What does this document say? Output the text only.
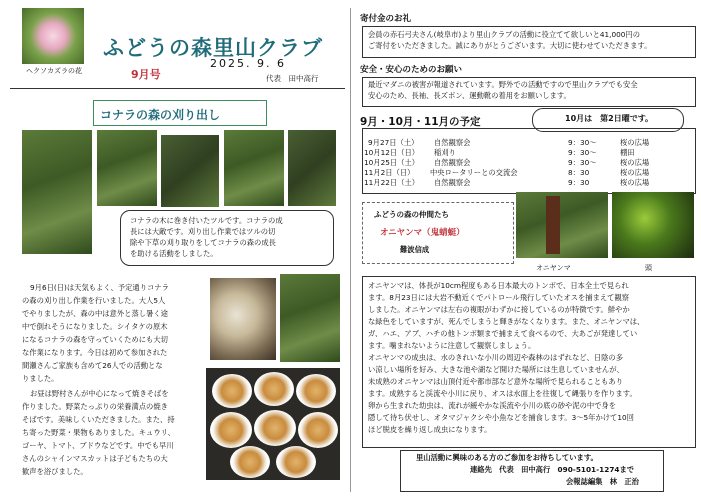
ヘクソカズラの花
ふどうの森里山クラブ
9月号
2025. 9. 6
代表　田中高行
コナラの森の刈り出し
コナラの木に巻き付いたツルです。コナラの成
長には大敵です。刈り出し作業ではツルの切
除や下草の刈り取りをしてコナラの森の成長
を助ける活動をしました。
9月6日(日)は天気もよく、予定通りコナラ
の森の刈り出し作業を行いました。大人5人
でやりましたが、森の中は意外と蒸し暑く途
中で倒れそうになりました。シイタケの原木
になるコナラの森を守っていくためにも大切
な作業になります。今日は初めて参加された
間瀬さんご家族も含めて26人での活動とな
りました。
お昼は野村さんが中心になって焼きそばを
作りました。野菜たっぷりの栄養満点の焼き
そばです。美味しくいただきました。また、持
ち寄った野菜・果物もありました。キュウリ、
ゴーヤ、トマト、ブドウなどです。中でも早川
さんのシャインマスカットは子どもたちの大
歓声を浴びました。
寄付金のお礼
会員の赤石弓夫さん(岐阜市)より里山クラブの活動に役立てて欲しいと41,000円の
ご寄付をいただきました。誠にありがとうございます。大切に使わせていただきます。
安全・安心のためのお願い
最近マダニの被害が報道されています。野外での活動ですので里山クラブでも安全
安心のため、長袖、長ズボン、運動靴の着用をお願いします。
9月・10月・11月の予定	10月は　第2日曜です。
9月27日（土） 自然観察会	9：30～	桜の広場
10月12日（日） 稲刈り	9：30～	棚田
10月25日（土） 自然観察会	9：30～	桜の広場
11月2日（日） 中央ロータリーとの交流会	8：30	桜の広場
11月22日（土） 自然観察会	9：30	桜の広場
ふどうの森の仲間たち
オニヤンマ（鬼蜻蜓）
難波信成
オニヤンマ	頭
オニヤンマは、体長が10cm程度もある日本最大のトンボで、日本全土で見られ
ます。8月23日には大岩不動近くでパトロール飛行していたオスを捕まえて観察
しました。オニヤンマは左右の複眼がわずかに接しているのが特徴です。鮮やか
な緑色をしていますが、死んでしまうと輝きがなくなります。また、オニヤンマは、
ガ、ハエ、アブ、ハチの他トンボ類まで捕まえて食べるので、大あごが発達してい
ます。噛まれないように注意して観察しましょう。
オニヤンマの成虫は、水のきれいな小川の周辺や森林のはずれなど、日陰の多
い涼しい場所を好み、大きな池や湖など開けた場所には生息していませんが、
未成熟のオニヤンマは山頂付近や都市部など意外な場所で見られることもあり
ます。成熟すると渓流や小川に戻り、オスは水面上を往復して縄張りを作ります。
卵から生まれた幼虫は、流れが緩やかな渓流や小川の底の砂や泥の中で身を
隠して待ち伏せし、オタマジャクシや小魚などを捕食します。3～5年かけて10回
ほど脱皮を繰り返し成虫になります。
里山活動に興味のある方のご参加をお待ちしています。
連絡先　代表　田中高行　090-5101-1274まで
会報誌編集　林　正治
